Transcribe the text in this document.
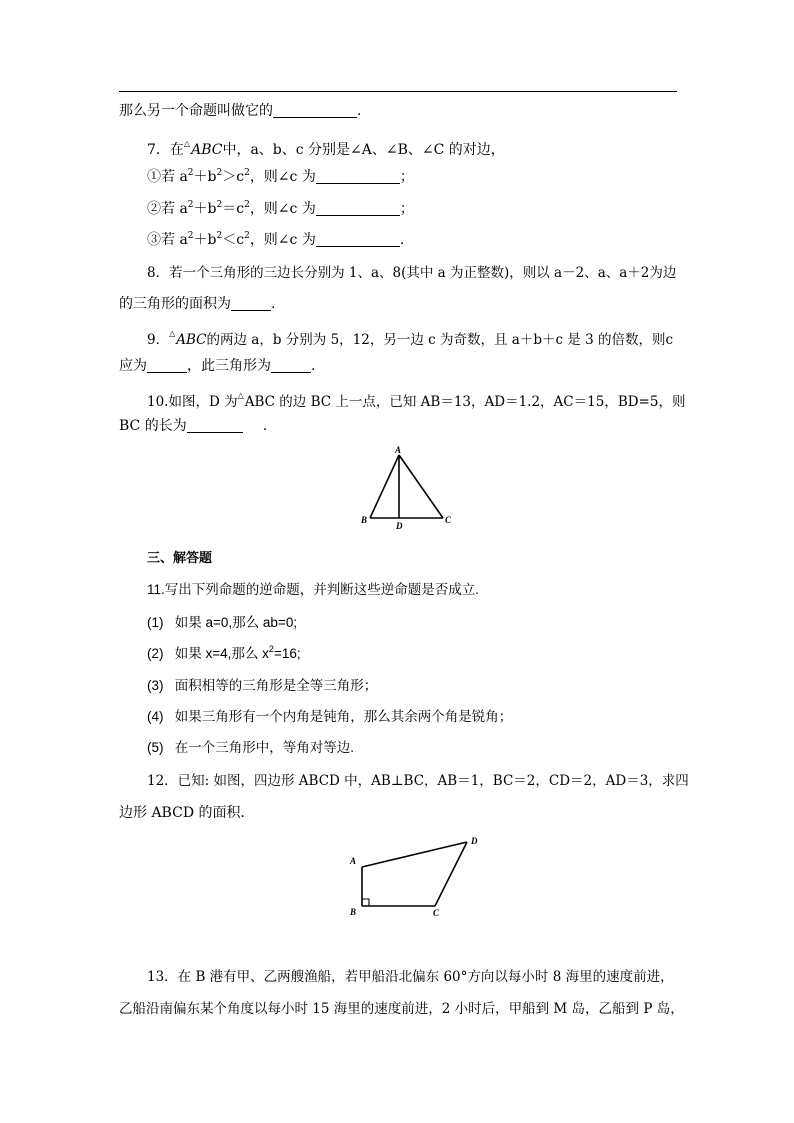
那么另一个命题叫做它的	.
7．在△ABC中，a、b、c 分别是∠A、∠B、∠C 的对边，
①若 $a^2+b^2>c^2$，则∠c 为	；
②若 $a^2+b^2=c^2$，则∠c 为	；
③若 $a^2+b^2<c^2$，则∠c 为	.
8．若一个三角形的三边长分别为 1、a、8(其中 a 为正整数)，则以 a－2、a、a＋2为边
的三角形的面积为	.
9．△ABC的两边 a，b 分别为 5，12，另一边 c 为奇数，且 a＋b＋c 是 3 的倍数，则c
应为	，此三角形为	.
10.如图，D 为△ABC 的边 BC 上一点，已知 AB＝13，AD＝1.2，AC＝15，BD=5，则
BC 的长为	.
A
B	C
D
三、解答题
11.写出下列命题的逆命题，并判断这些逆命题是否成立.
(1) 如果 a=0,那么 ab=0;
(2) 如果 x=4,那么 $x^2=16$;
(3) 面积相等的三角形是全等三角形；
(4) 如果三角形有一个内角是钝角，那么其余两个角是锐角；
(5) 在一个三角形中，等角对等边.
12．已知: 如图，四边形 ABCD 中，AB⊥BC，AB＝1，BC＝2，CD＝2，AD＝3，求四
边形 ABCD 的面积．
A
B	C
D
13．在 B 港有甲、乙两艘渔船，若甲船沿北偏东 60°方向以每小时 8 海里的速度前进，
乙船沿南偏东某个角度以每小时 15 海里的速度前进，2 小时后，甲船到 M 岛，乙船到 P 岛，
